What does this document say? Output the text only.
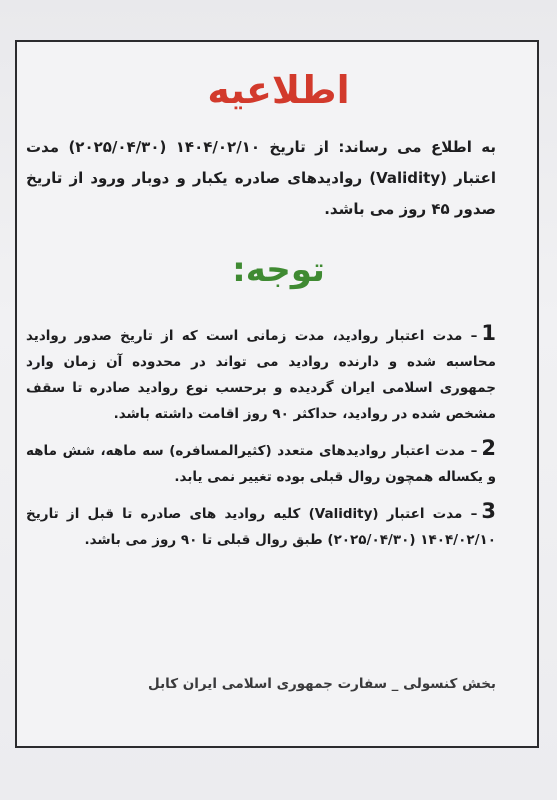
اطلاعیه
به اطلاع می رساند: از تاریخ ۱۴۰۴/۰۲/۱۰ (۲۰۲۵/۰۴/۳۰) مدت اعتبار (Validity) روادیدهای صادره یکبار و دوبار ورود از تاریخ صدور ۴۵ روز می باشد.
توجه:
1– مدت اعتبار روادید، مدت زمانی است که از تاریخ صدور روادید محاسبه شده و دارنده روادید می تواند در محدوده آن زمان وارد جمهوری اسلامی ایران گردیده و برحسب نوع روادید صادره تا سقف مشخص شده در روادید، حداکثر ۹۰ روز اقامت داشته باشد.
2– مدت اعتبار روادیدهای متعدد (کثیرالمسافره) سه ماهه، شش ماهه و یکساله همچون روال قبلی بوده تغییر نمی یابد.
3– مدت اعتبار (Validity) کلیه روادید های صادره تا قبل از تاریخ ۱۴۰۴/۰۲/۱۰ (۲۰۲۵/۰۴/۳۰) طبق روال قبلی تا ۹۰ روز می باشد.
بخش کنسولی _ سفارت جمهوری اسلامی ایران کابل
